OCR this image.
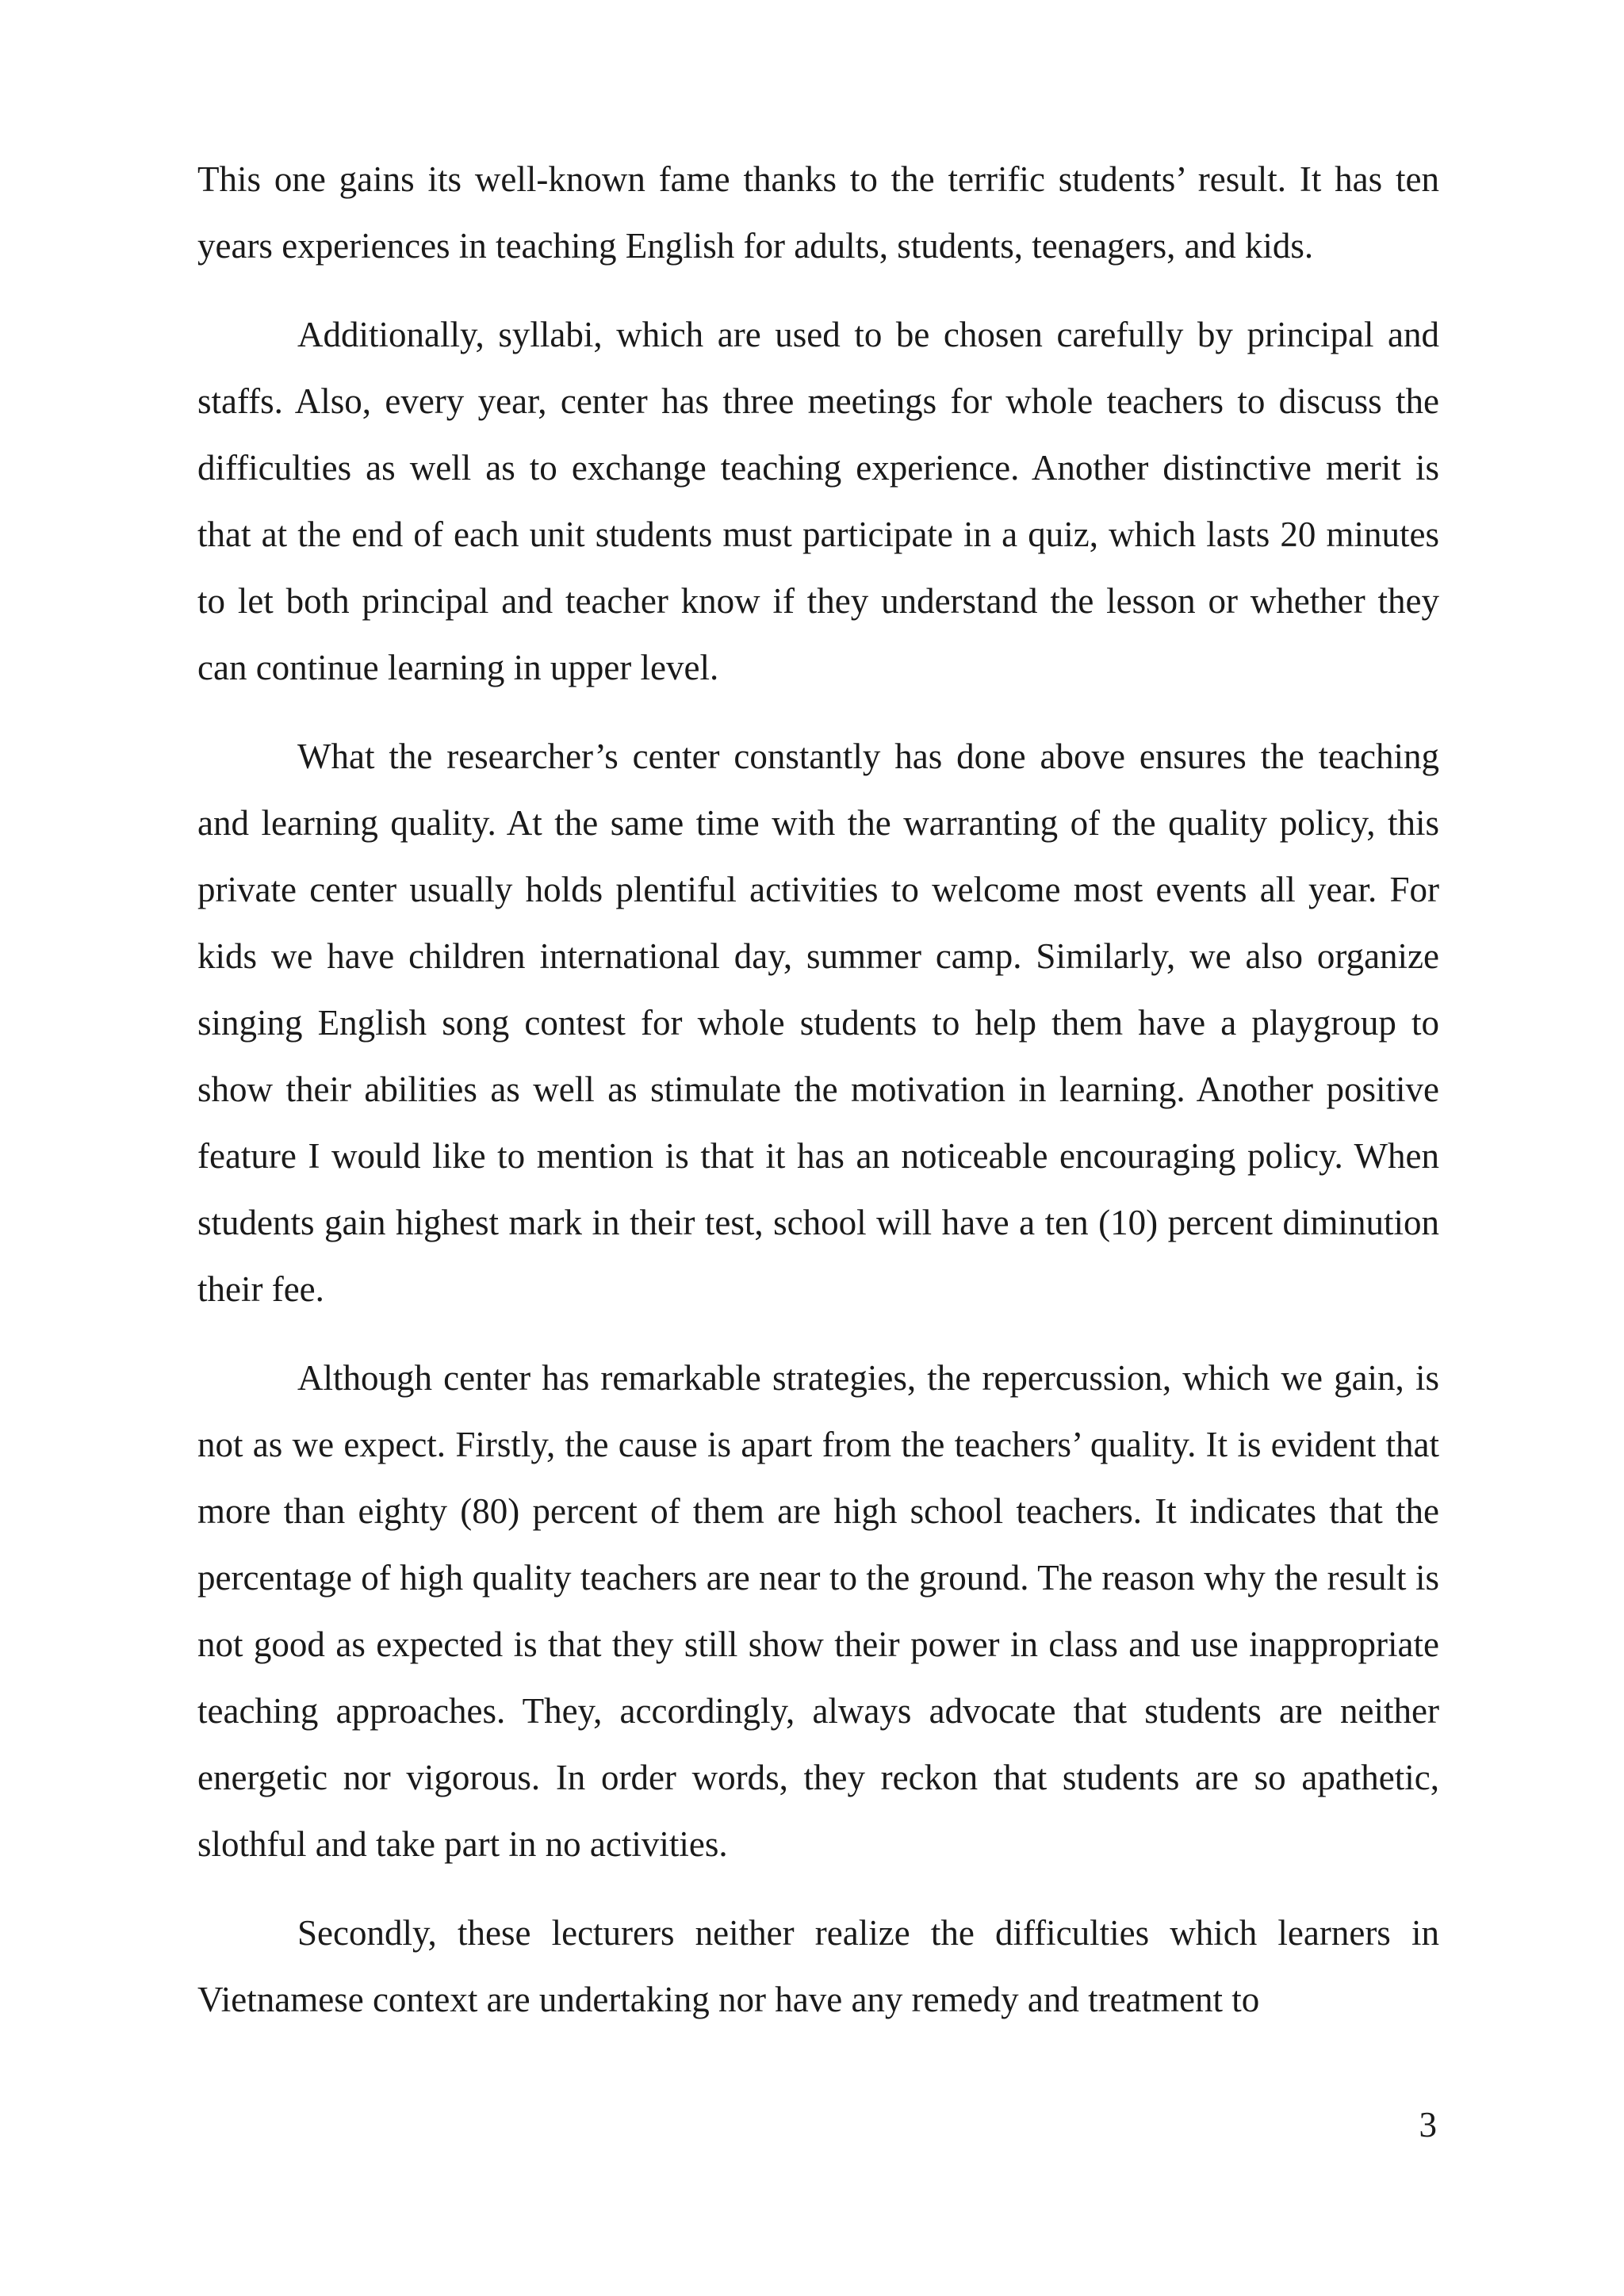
This one gains its well-known fame thanks to the terrific students’ result. It has ten years experiences in teaching English for adults, students, teenagers, and kids.

Additionally, syllabi, which are used to be chosen carefully by principal and staffs. Also, every year, center has three meetings for whole teachers to discuss the difficulties as well as to exchange teaching experience. Another distinctive merit is that at the end of each unit students must participate in a quiz, which lasts 20 minutes to let both principal and teacher know if they understand the lesson or whether they can continue learning in upper level.

What the researcher’s center constantly has done above ensures the teaching and learning quality. At the same time with the warranting of the quality policy, this private center usually holds plentiful activities to welcome most events all year. For kids we have children international day, summer camp. Similarly, we also organize singing English song contest for whole students to help them have a playgroup to show their abilities as well as stimulate the motivation in learning. Another positive feature I would like to mention is that it has an noticeable encouraging policy. When students gain highest mark in their test, school will have a ten (10) percent diminution their fee.

Although center has remarkable strategies, the repercussion, which we gain, is not as we expect. Firstly, the cause is apart from the teachers’ quality. It is evident that more than eighty (80) percent of them are high school teachers. It indicates that the percentage of high quality teachers are near to the ground. The reason why the result is not good as expected is that they still show their power in class and use inappropriate teaching approaches. They, accordingly, always advocate that students are neither energetic nor vigorous. In order words, they reckon that students are so apathetic, slothful and take part in no activities.

Secondly, these lecturers neither realize the difficulties which learners in Vietnamese context are undertaking nor have any remedy and treatment to

3
